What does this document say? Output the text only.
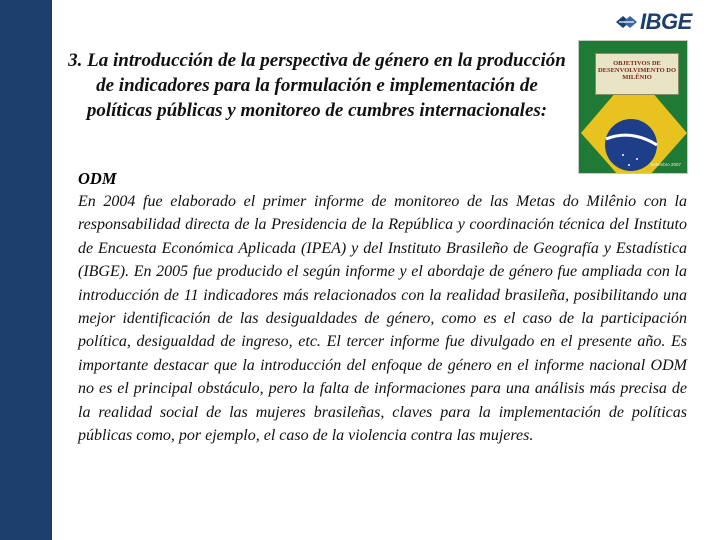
IBGE
3. La introducción de la perspectiva de género en la producción de indicadores para la formulación e implementación de políticas públicas y monitoreo de cumbres internacionales:
OBJETIVOS DE DESENVOLVIMENTO DO MILÊNIO
Setembro 2007
ODM

En 2004 fue elaborado el primer informe de monitoreo de las Metas do Milênio con la responsabilidad directa de la Presidencia de la República y coordinación técnica del Instituto de Encuesta Económica Aplicada (IPEA) y del Instituto Brasileño de Geografía y Estadística (IBGE). En 2005 fue producido el según informe y el abordaje de género fue ampliada con la introducción de 11 indicadores más relacionados con la realidad brasileña, posibilitando una mejor identificación de las desigualdades de género, como es el caso de la participación política, desigualdad de ingreso, etc. El tercer informe fue divulgado en el presente año. Es importante destacar que la introducción del enfoque de género en el informe nacional ODM no es el principal obstáculo, pero la falta de informaciones para una análisis más precisa de la realidad social de las mujeres brasileñas, claves para la implementación de políticas públicas como, por ejemplo, el caso de la violencia contra las mujeres.
